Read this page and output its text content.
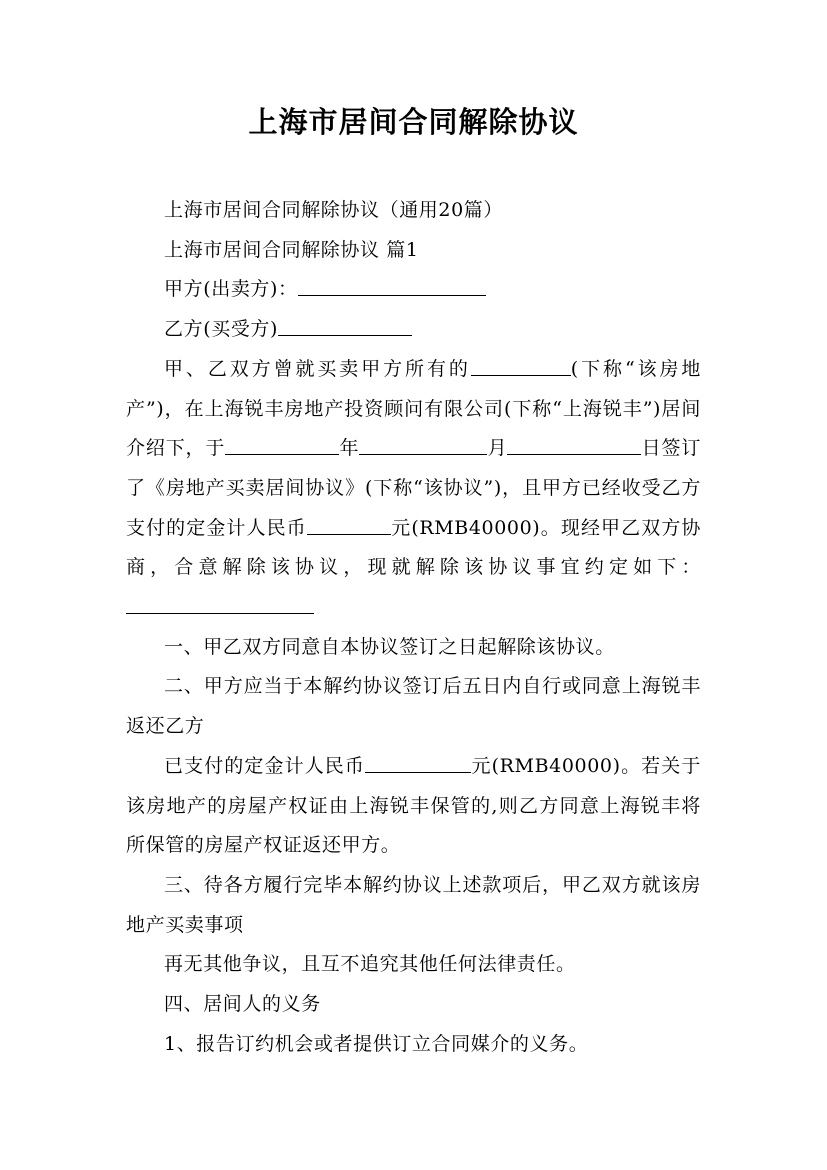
上海市居间合同解除协议

上海市居间合同解除协议（通用20篇）

上海市居间合同解除协议 篇1

甲方(出卖方)：

乙方(买受方)

甲、乙双方曾就买卖甲方所有的	(下称“该房地产”)，在上海锐丰房地产投资顾问有限公司(下称“上海锐丰”)居间介绍下，于	年	月	日签订了《房地产买卖居间协议》(下称“该协议”)，且甲方已经收受乙方支付的定金计人民币	元(RMB40000)。现经甲乙双方协商，合意解除该协议，现就解除该协议事宜约定如下：

一、甲乙双方同意自本协议签订之日起解除该协议。

二、甲方应当于本解约协议签订后五日内自行或同意上海锐丰返还乙方

已支付的定金计人民币	元(RMB40000)。若关于该房地产的房屋产权证由上海锐丰保管的,则乙方同意上海锐丰将所保管的房屋产权证返还甲方。

三、待各方履行完毕本解约协议上述款项后，甲乙双方就该房地产买卖事项

再无其他争议，且互不追究其他任何法律责任。

四、居间人的义务

1、报告订约机会或者提供订立合同媒介的义务。
